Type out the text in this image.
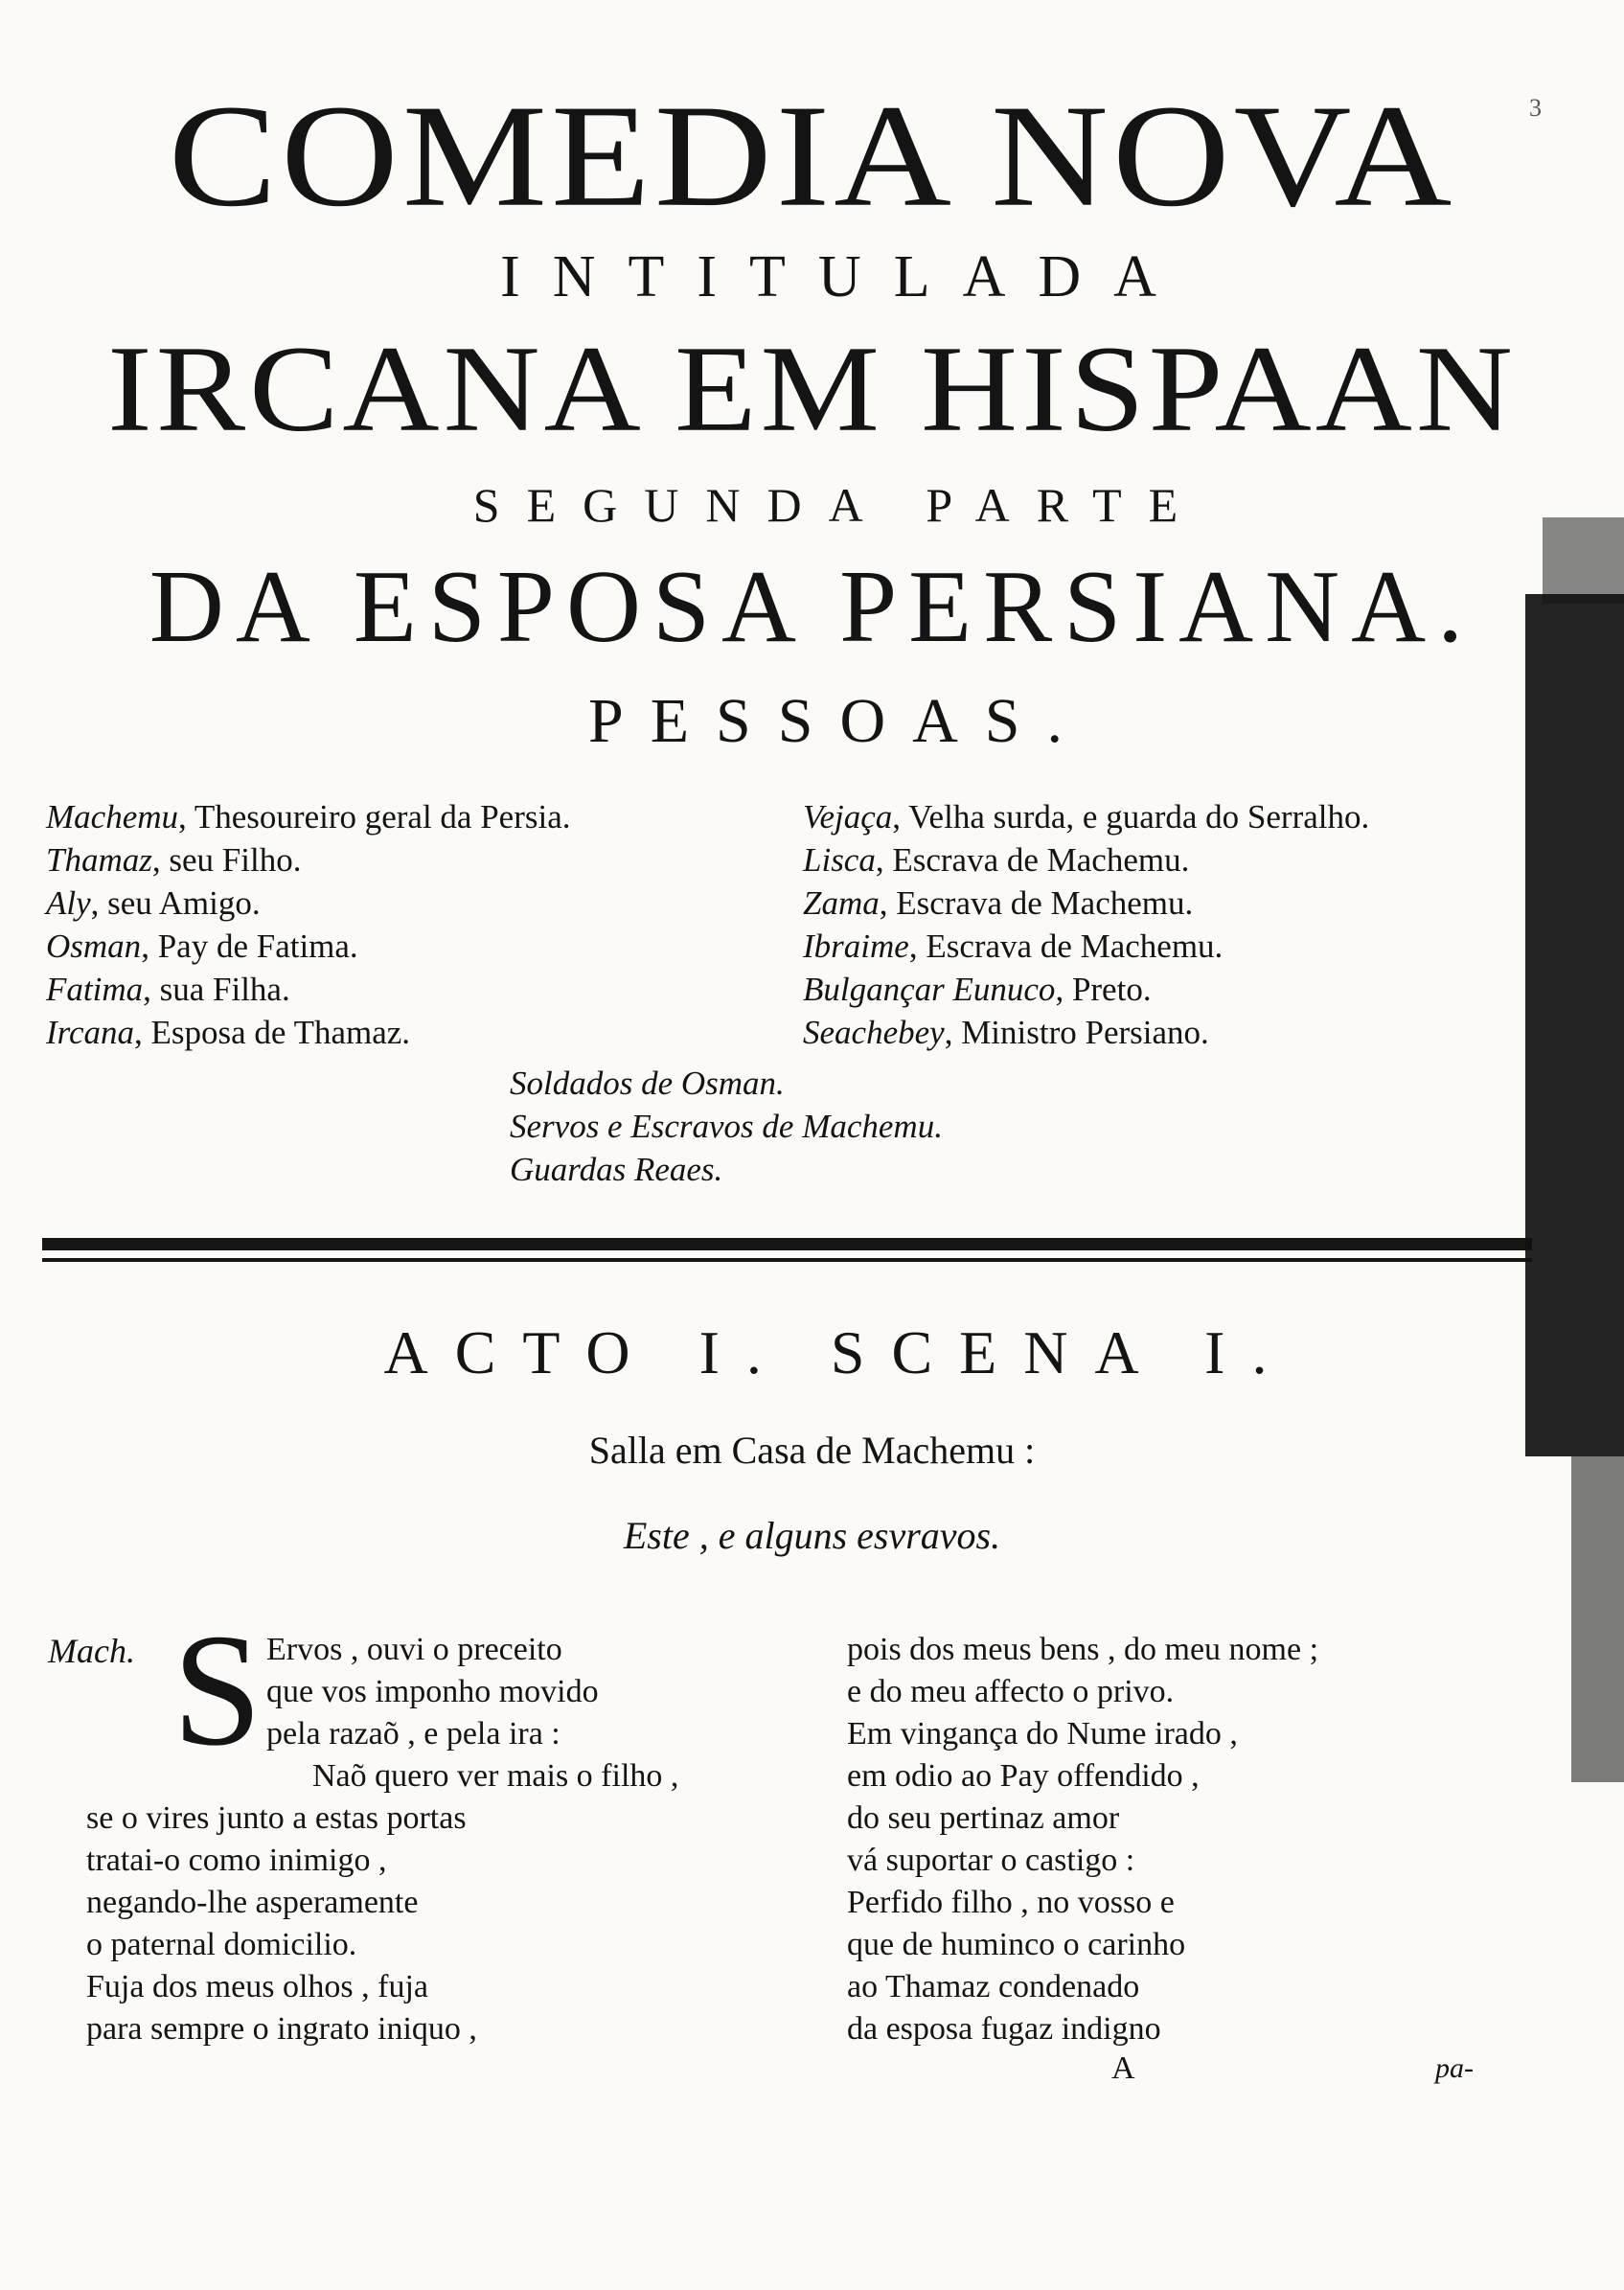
3
COMEDIA NOVA
INTITULADA
IRCANA EM HISPAAN
SEGUNDA PARTE
DA ESPOSA PERSIANA.
PESSOAS.
Machemu, Thesoureiro geral da Persia.
Thamaz, seu Filho.
Aly, seu Amigo.
Osman, Pay de Fatima.
Fatima, sua Filha.
Ircana, Esposa de Thamaz.
Vejaça, Velha surda, e guarda do Serralho.
Lisca, Escrava de Machemu.
Zama, Escrava de Machemu.
Ibraime, Escrava de Machemu.
Bulgançar Eunuco, Preto.
Seachebey, Ministro Persiano.
Soldados de Osman.
Servos e Escravos de Machemu.
Guardas Reaes.
ACTO I. SCENA I.
Salla em Casa de Machemu :
Este , e alguns esvravos.
Mach. S Ervos , ouvi o preceito
que vos imponho movido
pela razaõ , e pela ira :
Naõ quero ver mais o filho ,
se o vires junto a estas portas
tratai-o como inimigo ,
negando-lhe asperamente
o paternal domicilio.
Fuja dos meus olhos , fuja
para sempre o ingrato iniquo ,
pois dos meus bens , do meu nome ;
e do meu affecto o privo.
Em vingança do Nume irado ,
em odio ao Pay offendido ,
do seu pertinaz amor
vá suportar o castigo :
Perfido filho , no vosso e
que de huminco o carinho
ao Thamaz condenado
da esposa fugaz indigno
A	pa-
